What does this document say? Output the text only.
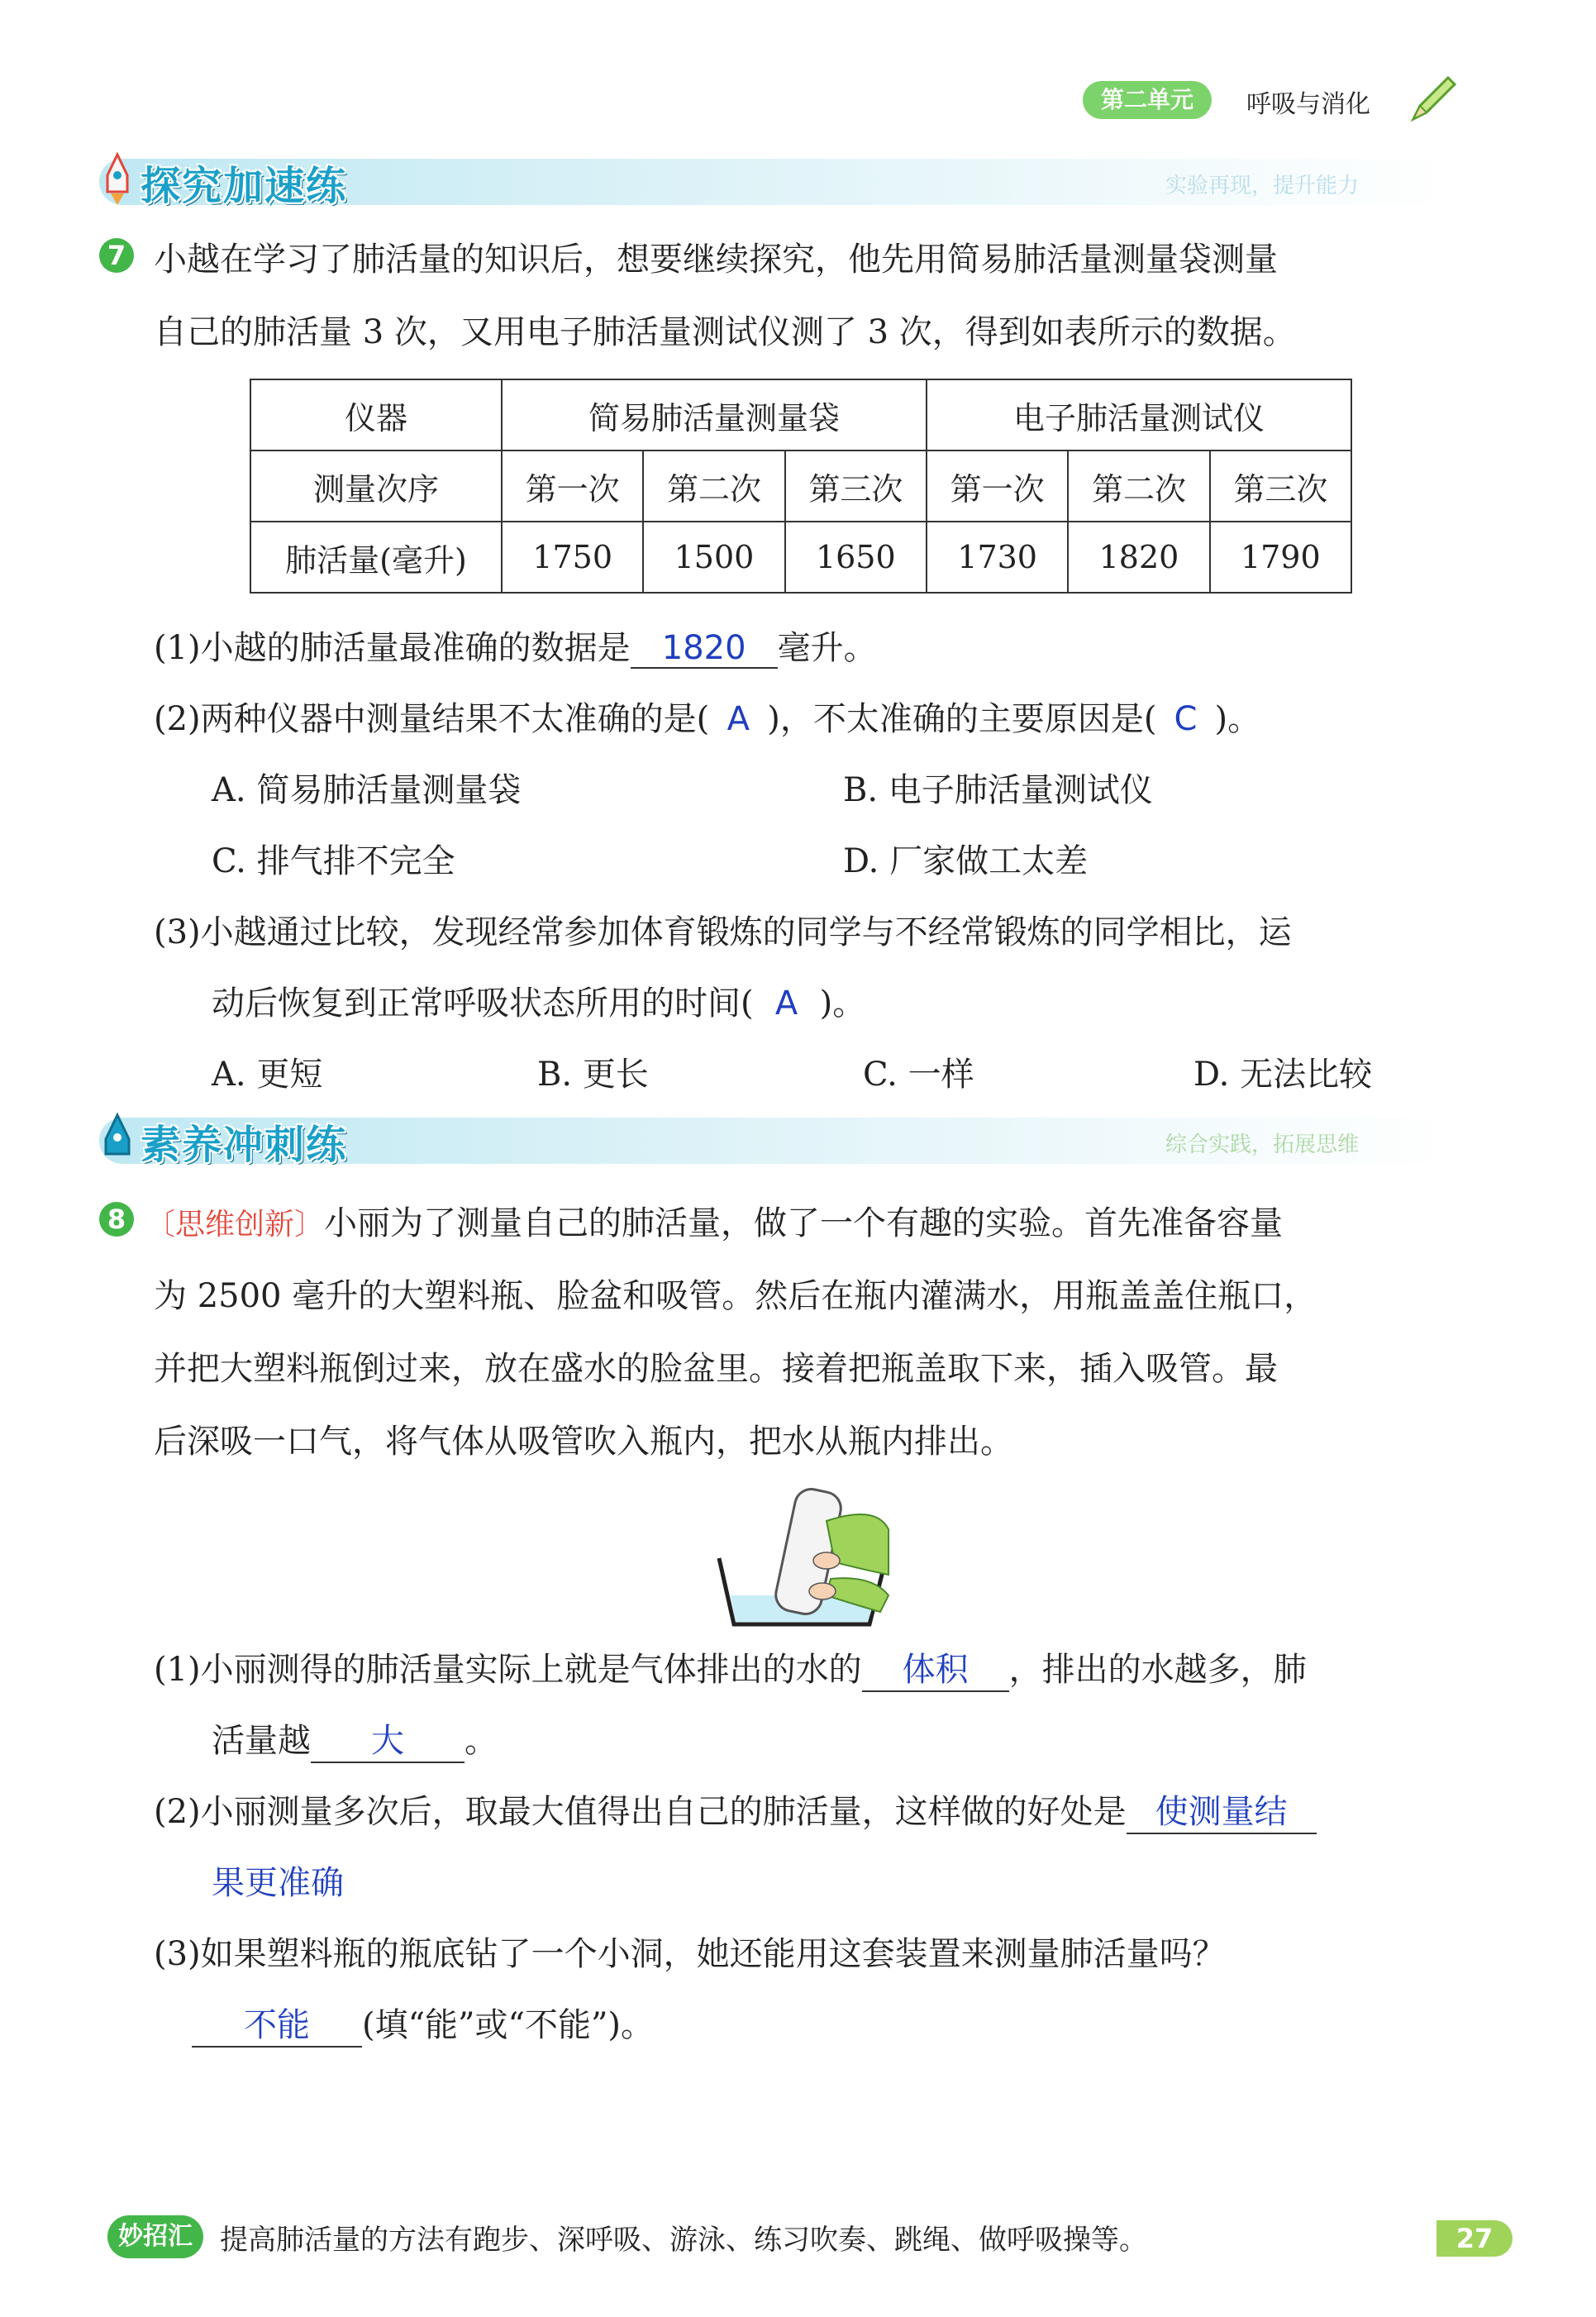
第二单元	呼吸与消化
探究加速练	实验再现，提升能力
7 小越在学习了肺活量的知识后，想要继续探究，他先用简易肺活量测量袋测量
自己的肺活量 3 次，又用电子肺活量测试仪测了 3 次，得到如表所示的数据。
仪器	简易肺活量测量袋			电子肺活量测试仪		
测量次序	第一次	第二次	第三次	第一次	第二次	第三次
肺活量(毫升)	1750	1500	1650	1730	1820	1790
(1)小越的肺活量最准确的数据是 1820 毫升。
(2)两种仪器中测量结果不太准确的是( A )，不太准确的主要原因是( C )。
A. 简易肺活量测量袋	B. 电子肺活量测试仪
C. 排气排不完全	D. 厂家做工太差
(3)小越通过比较，发现经常参加体育锻炼的同学与不经常锻炼的同学相比，运
动后恢复到正常呼吸状态所用的时间( A )。
A. 更短	B. 更长	C. 一样	D. 无法比较
素养冲刺练	综合实践，拓展思维
8 〔思维创新〕小丽为了测量自己的肺活量，做了一个有趣的实验。首先准备容量
为 2500 毫升的大塑料瓶、脸盆和吸管。然后在瓶内灌满水，用瓶盖盖住瓶口，
并把大塑料瓶倒过来，放在盛水的脸盆里。接着把瓶盖取下来，插入吸管。最
后深吸一口气，将气体从吸管吹入瓶内，把水从瓶内排出。
(1)小丽测得的肺活量实际上就是气体排出的水的 体积 ，排出的水越多，肺
活量越 大 。
(2)小丽测量多次后，取最大值得出自己的肺活量，这样做的好处是 使测量结
果更准确
(3)如果塑料瓶的瓶底钻了一个小洞，她还能用这套装置来测量肺活量吗？
不能 (填“能”或“不能”)。
妙招汇 提高肺活量的方法有跑步、深呼吸、游泳、练习吹奏、跳绳、做呼吸操等。	27
